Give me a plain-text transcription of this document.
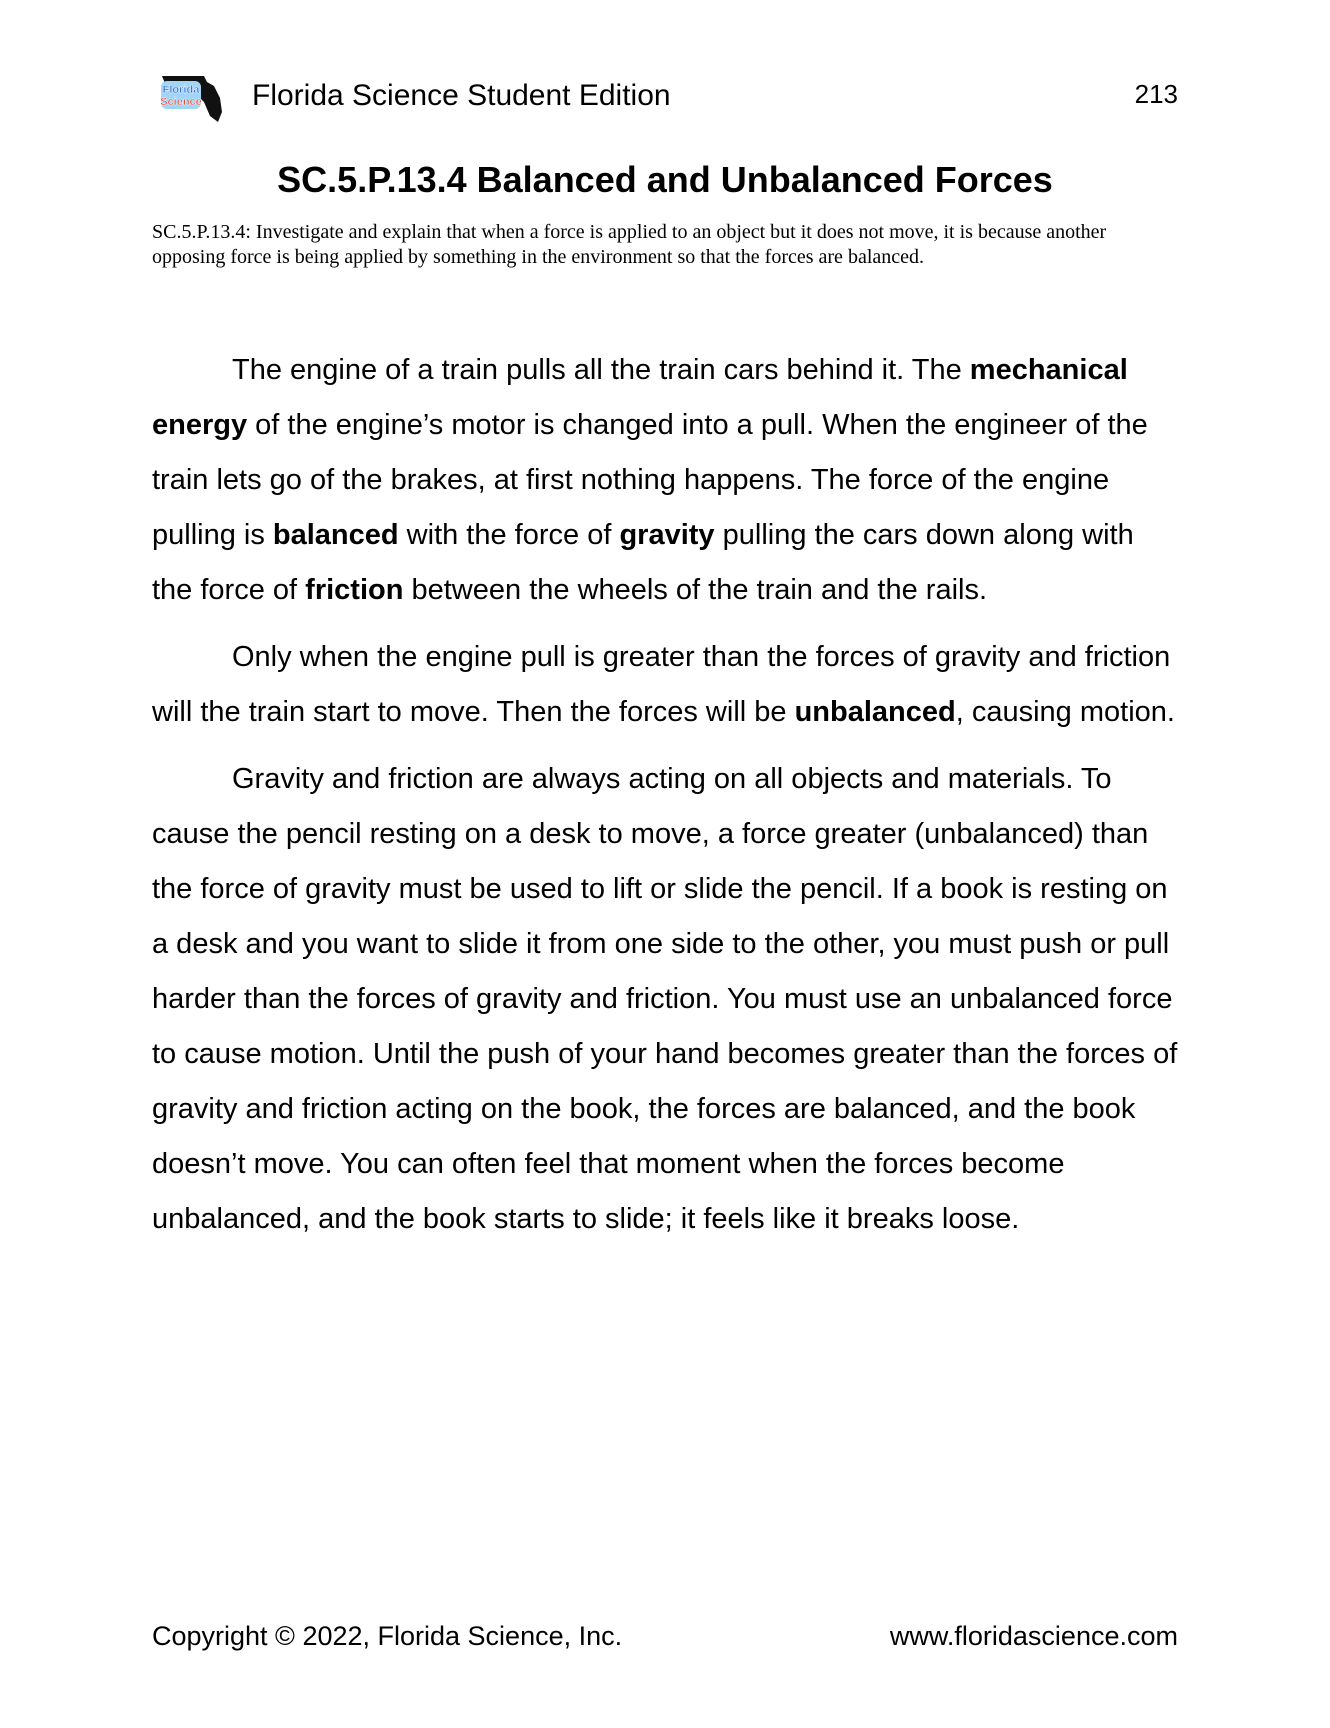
Florida
Science Florida Science Student Edition	213
SC.5.P.13.4 Balanced and Unbalanced Forces
SC.5.P.13.4: Investigate and explain that when a force is applied to an object but it does not move, it is because another opposing force is being applied by something in the environment so that the forces are balanced.

The engine of a train pulls all the train cars behind it. The mechanical energy of the engine’s motor is changed into a pull. When the engineer of the train lets go of the brakes, at first nothing happens. The force of the engine pulling is balanced with the force of gravity pulling the cars down along with the force of friction between the wheels of the train and the rails.

Only when the engine pull is greater than the forces of gravity and friction will the train start to move. Then the forces will be unbalanced, causing motion.

Gravity and friction are always acting on all objects and materials. To cause the pencil resting on a desk to move, a force greater (unbalanced) than the force of gravity must be used to lift or slide the pencil. If a book is resting on a desk and you want to slide it from one side to the other, you must push or pull harder than the forces of gravity and friction. You must use an unbalanced force to cause motion. Until the push of your hand becomes greater than the forces of gravity and friction acting on the book, the forces are balanced, and the book doesn’t move. You can often feel that moment when the forces become unbalanced, and the book starts to slide; it feels like it breaks loose.

Copyright © 2022, Florida Science, Inc.	www.floridascience.com
